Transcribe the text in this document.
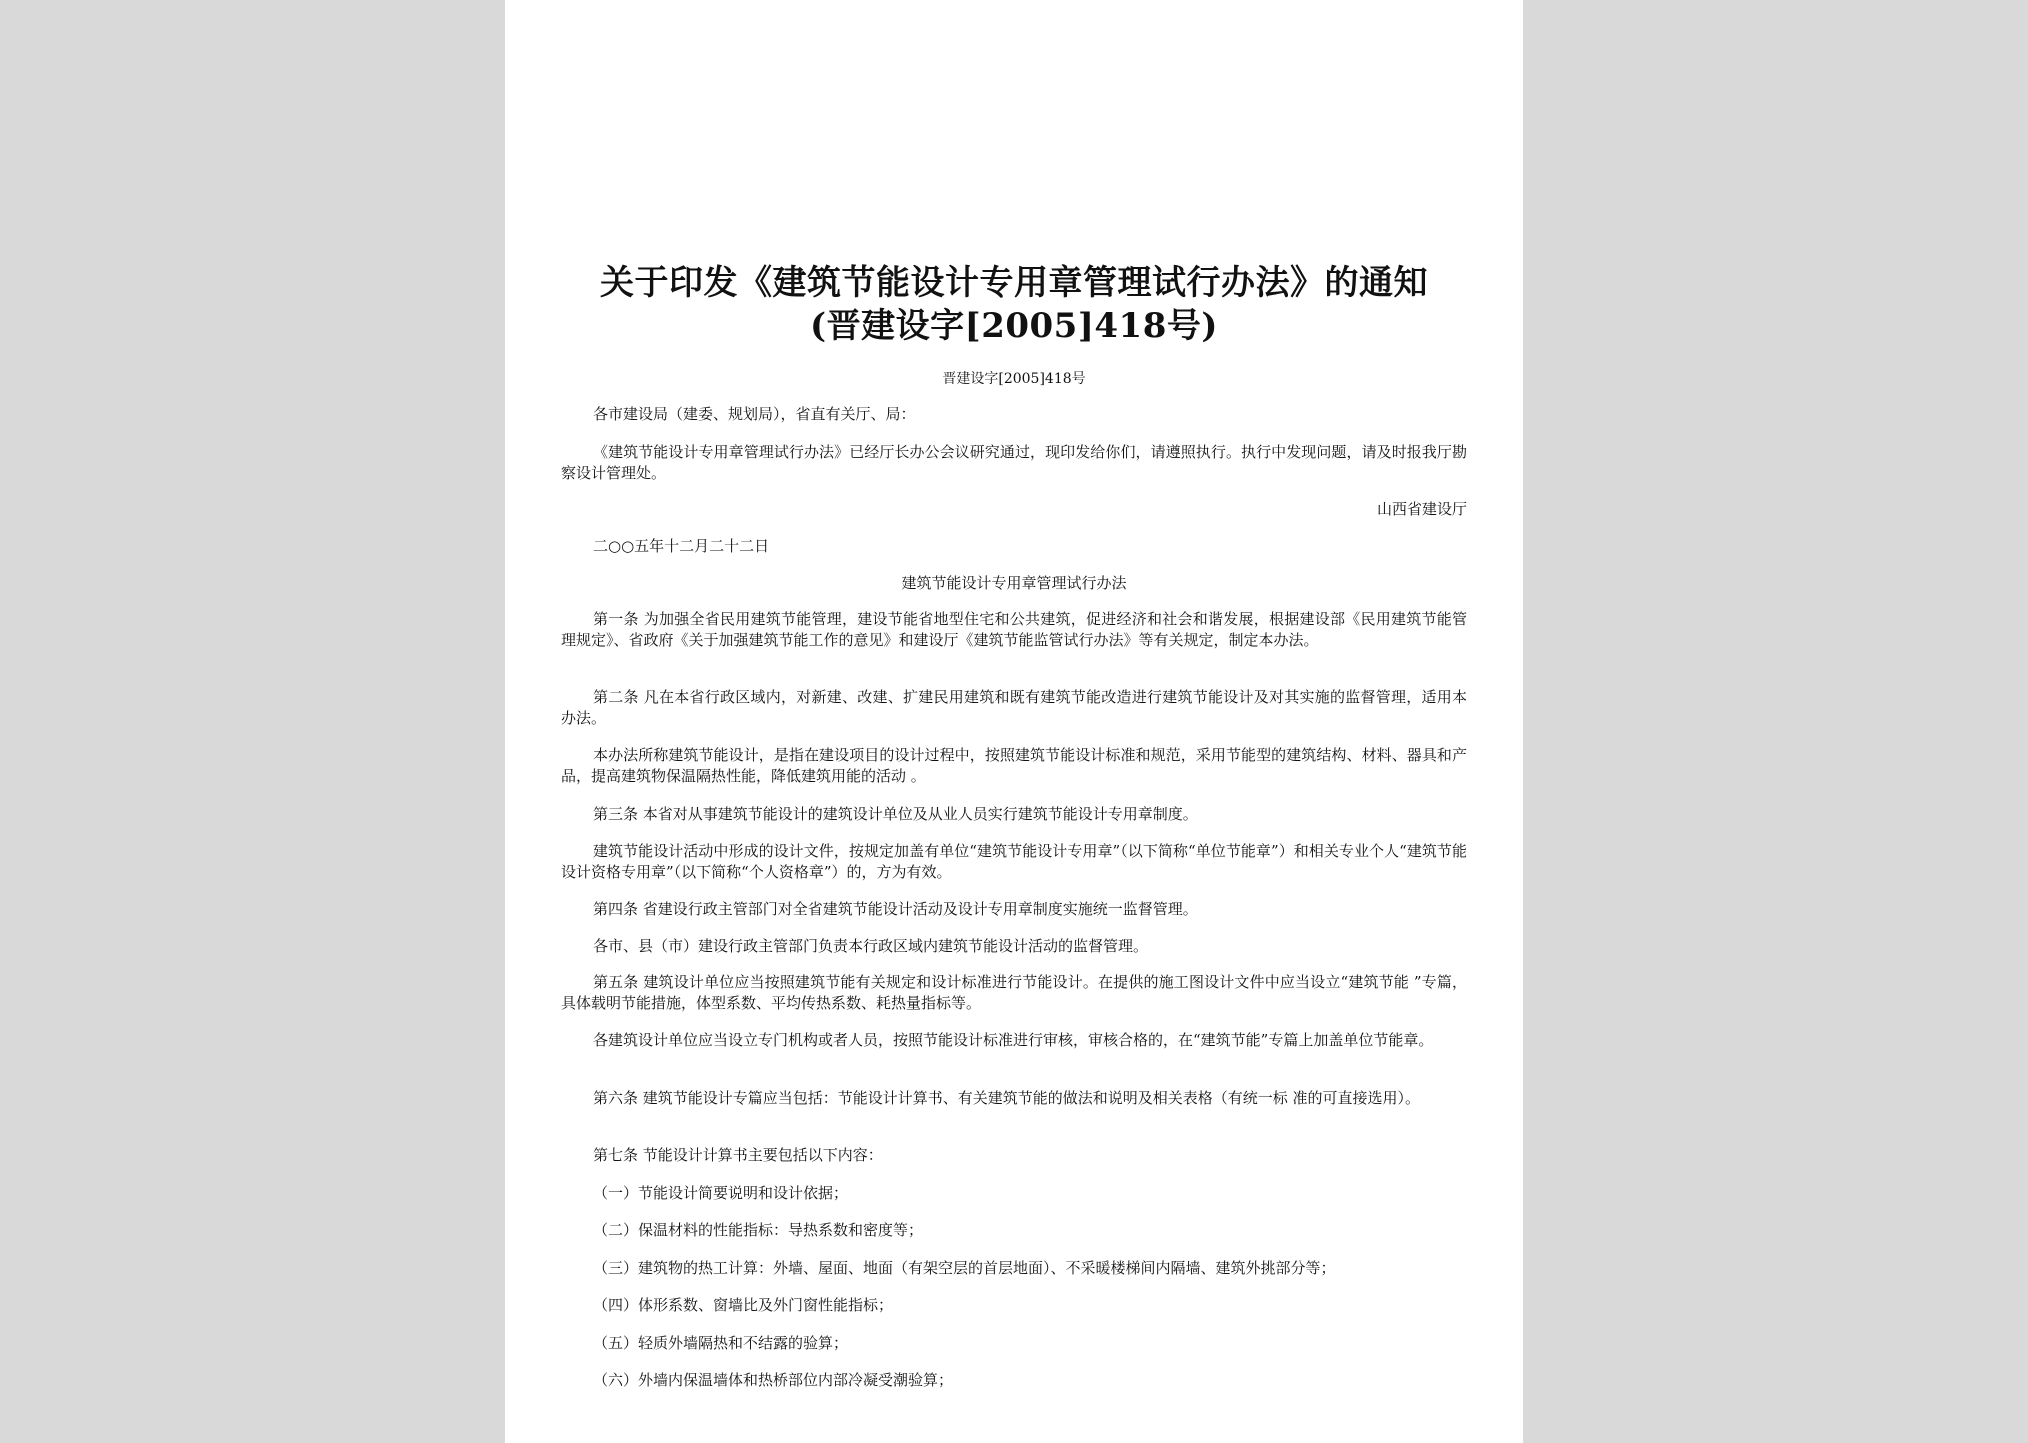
关于印发《建筑节能设计专用章管理试行办法》的通知
(晋建设字[2005]418号)
晋建设字[2005]418号
各市建设局（建委、规划局），省直有关厅、局：
《建筑节能设计专用章管理试行办法》已经厅长办公会议研究通过，现印发给你们，请遵照执行。执行中发现问题，请及时报我厅勘察设计管理处。
山西省建设厅
二○○五年十二月二十二日
建筑节能设计专用章管理试行办法
第一条 为加强全省民用建筑节能管理，建设节能省地型住宅和公共建筑，促进经济和社会和谐发展，根据建设部《民用建筑节能管理规定》、省政府《关于加强建筑节能工作的意见》和建设厅《建筑节能监管试行办法》等有关规定，制定本办法。
第二条 凡在本省行政区域内，对新建、改建、扩建民用建筑和既有建筑节能改造进行建筑节能设计及对其实施的监督管理，适用本办法。
本办法所称建筑节能设计，是指在建设项目的设计过程中，按照建筑节能设计标准和规范，采用节能型的建筑结构、材料、器具和产品，提高建筑物保温隔热性能，降低建筑用能的活动 。
第三条 本省对从事建筑节能设计的建筑设计单位及从业人员实行建筑节能设计专用章制度。
建筑节能设计活动中形成的设计文件，按规定加盖有单位“建筑节能设计专用章”（以下简称“单位节能章”）和相关专业个人“建筑节能设计资格专用章”（以下简称“个人资格章”）的，方为有效。
第四条 省建设行政主管部门对全省建筑节能设计活动及设计专用章制度实施统一监督管理。
各市、县（市）建设行政主管部门负责本行政区域内建筑节能设计活动的监督管理。
第五条 建筑设计单位应当按照建筑节能有关规定和设计标准进行节能设计。在提供的施工图设计文件中应当设立“建筑节能 ”专篇，具体载明节能措施，体型系数、平均传热系数、耗热量指标等。
各建筑设计单位应当设立专门机构或者人员，按照节能设计标准进行审核，审核合格的，在“建筑节能”专篇上加盖单位节能章。
第六条 建筑节能设计专篇应当包括：节能设计计算书、有关建筑节能的做法和说明及相关表格（有统一标 准的可直接选用）。
第七条 节能设计计算书主要包括以下内容：
（一）节能设计简要说明和设计依据；
（二）保温材料的性能指标：导热系数和密度等；
（三）建筑物的热工计算：外墙、屋面、地面（有架空层的首层地面）、不采暖楼梯间内隔墙、建筑外挑部分等；
（四）体形系数、窗墙比及外门窗性能指标；
（五）轻质外墙隔热和不结露的验算；
（六）外墙内保温墙体和热桥部位内部冷凝受潮验算；
